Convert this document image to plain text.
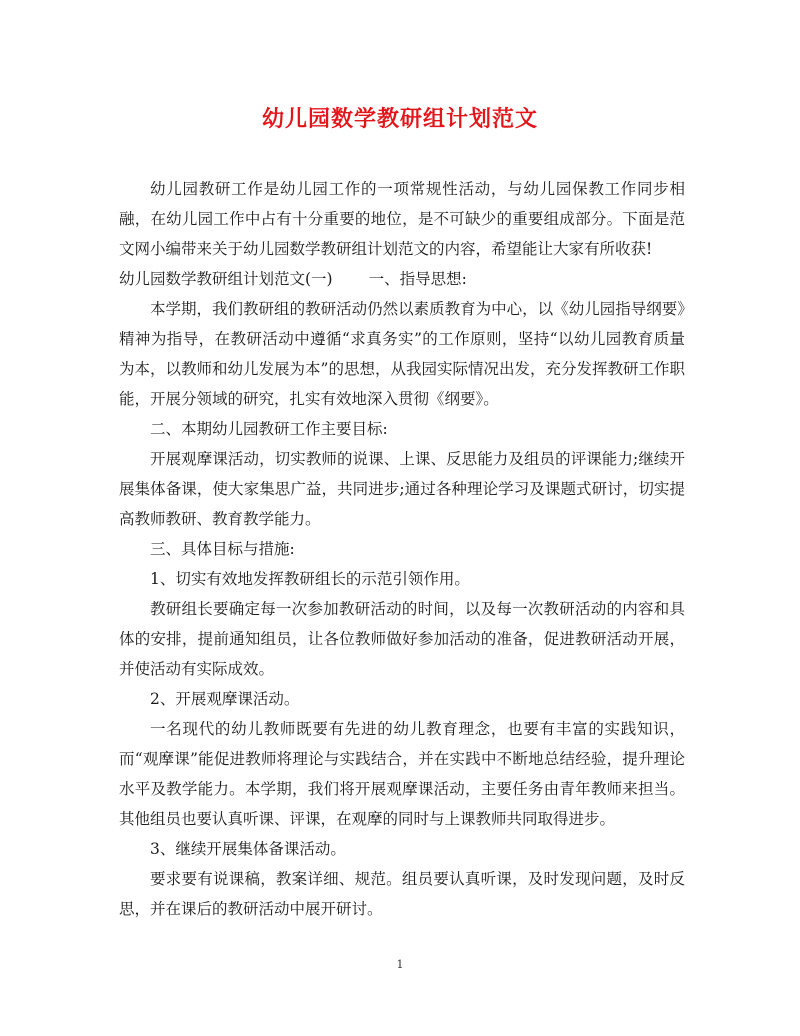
幼儿园数学教研组计划范文

幼儿园教研工作是幼儿园工作的一项常规性活动，与幼儿园保教工作同步相融，在幼儿园工作中占有十分重要的地位，是不可缺少的重要组成部分。下面是范文网小编带来关于幼儿园数学教研组计划范文的内容，希望能让大家有所收获!

幼儿园数学教研组计划范文(一) 一、指导思想:

本学期，我们教研组的教研活动仍然以素质教育为中心，以《幼儿园指导纲要》精神为指导，在教研活动中遵循“求真务实”的工作原则，坚持“以幼儿园教育质量为本，以教师和幼儿发展为本”的思想，从我园实际情况出发，充分发挥教研工作职能，开展分领域的研究，扎实有效地深入贯彻《纲要》。

二、本期幼儿园教研工作主要目标:

开展观摩课活动，切实教师的说课、上课、反思能力及组员的评课能力;继续开展集体备课，使大家集思广益，共同进步;通过各种理论学习及课题式研讨，切实提高教师教研、教育教学能力。

三、具体目标与措施:

1、切实有效地发挥教研组长的示范引领作用。

教研组长要确定每一次参加教研活动的时间，以及每一次教研活动的内容和具体的安排，提前通知组员，让各位教师做好参加活动的准备，促进教研活动开展，并使活动有实际成效。

2、开展观摩课活动。

一名现代的幼儿教师既要有先进的幼儿教育理念，也要有丰富的实践知识，而“观摩课”能促进教师将理论与实践结合，并在实践中不断地总结经验，提升理论水平及教学能力。本学期，我们将开展观摩课活动，主要任务由青年教师来担当。其他组员也要认真听课、评课，在观摩的同时与上课教师共同取得进步。

3、继续开展集体备课活动。

要求要有说课稿，教案详细、规范。组员要认真听课，及时发现问题，及时反思，并在课后的教研活动中展开研讨。

1
